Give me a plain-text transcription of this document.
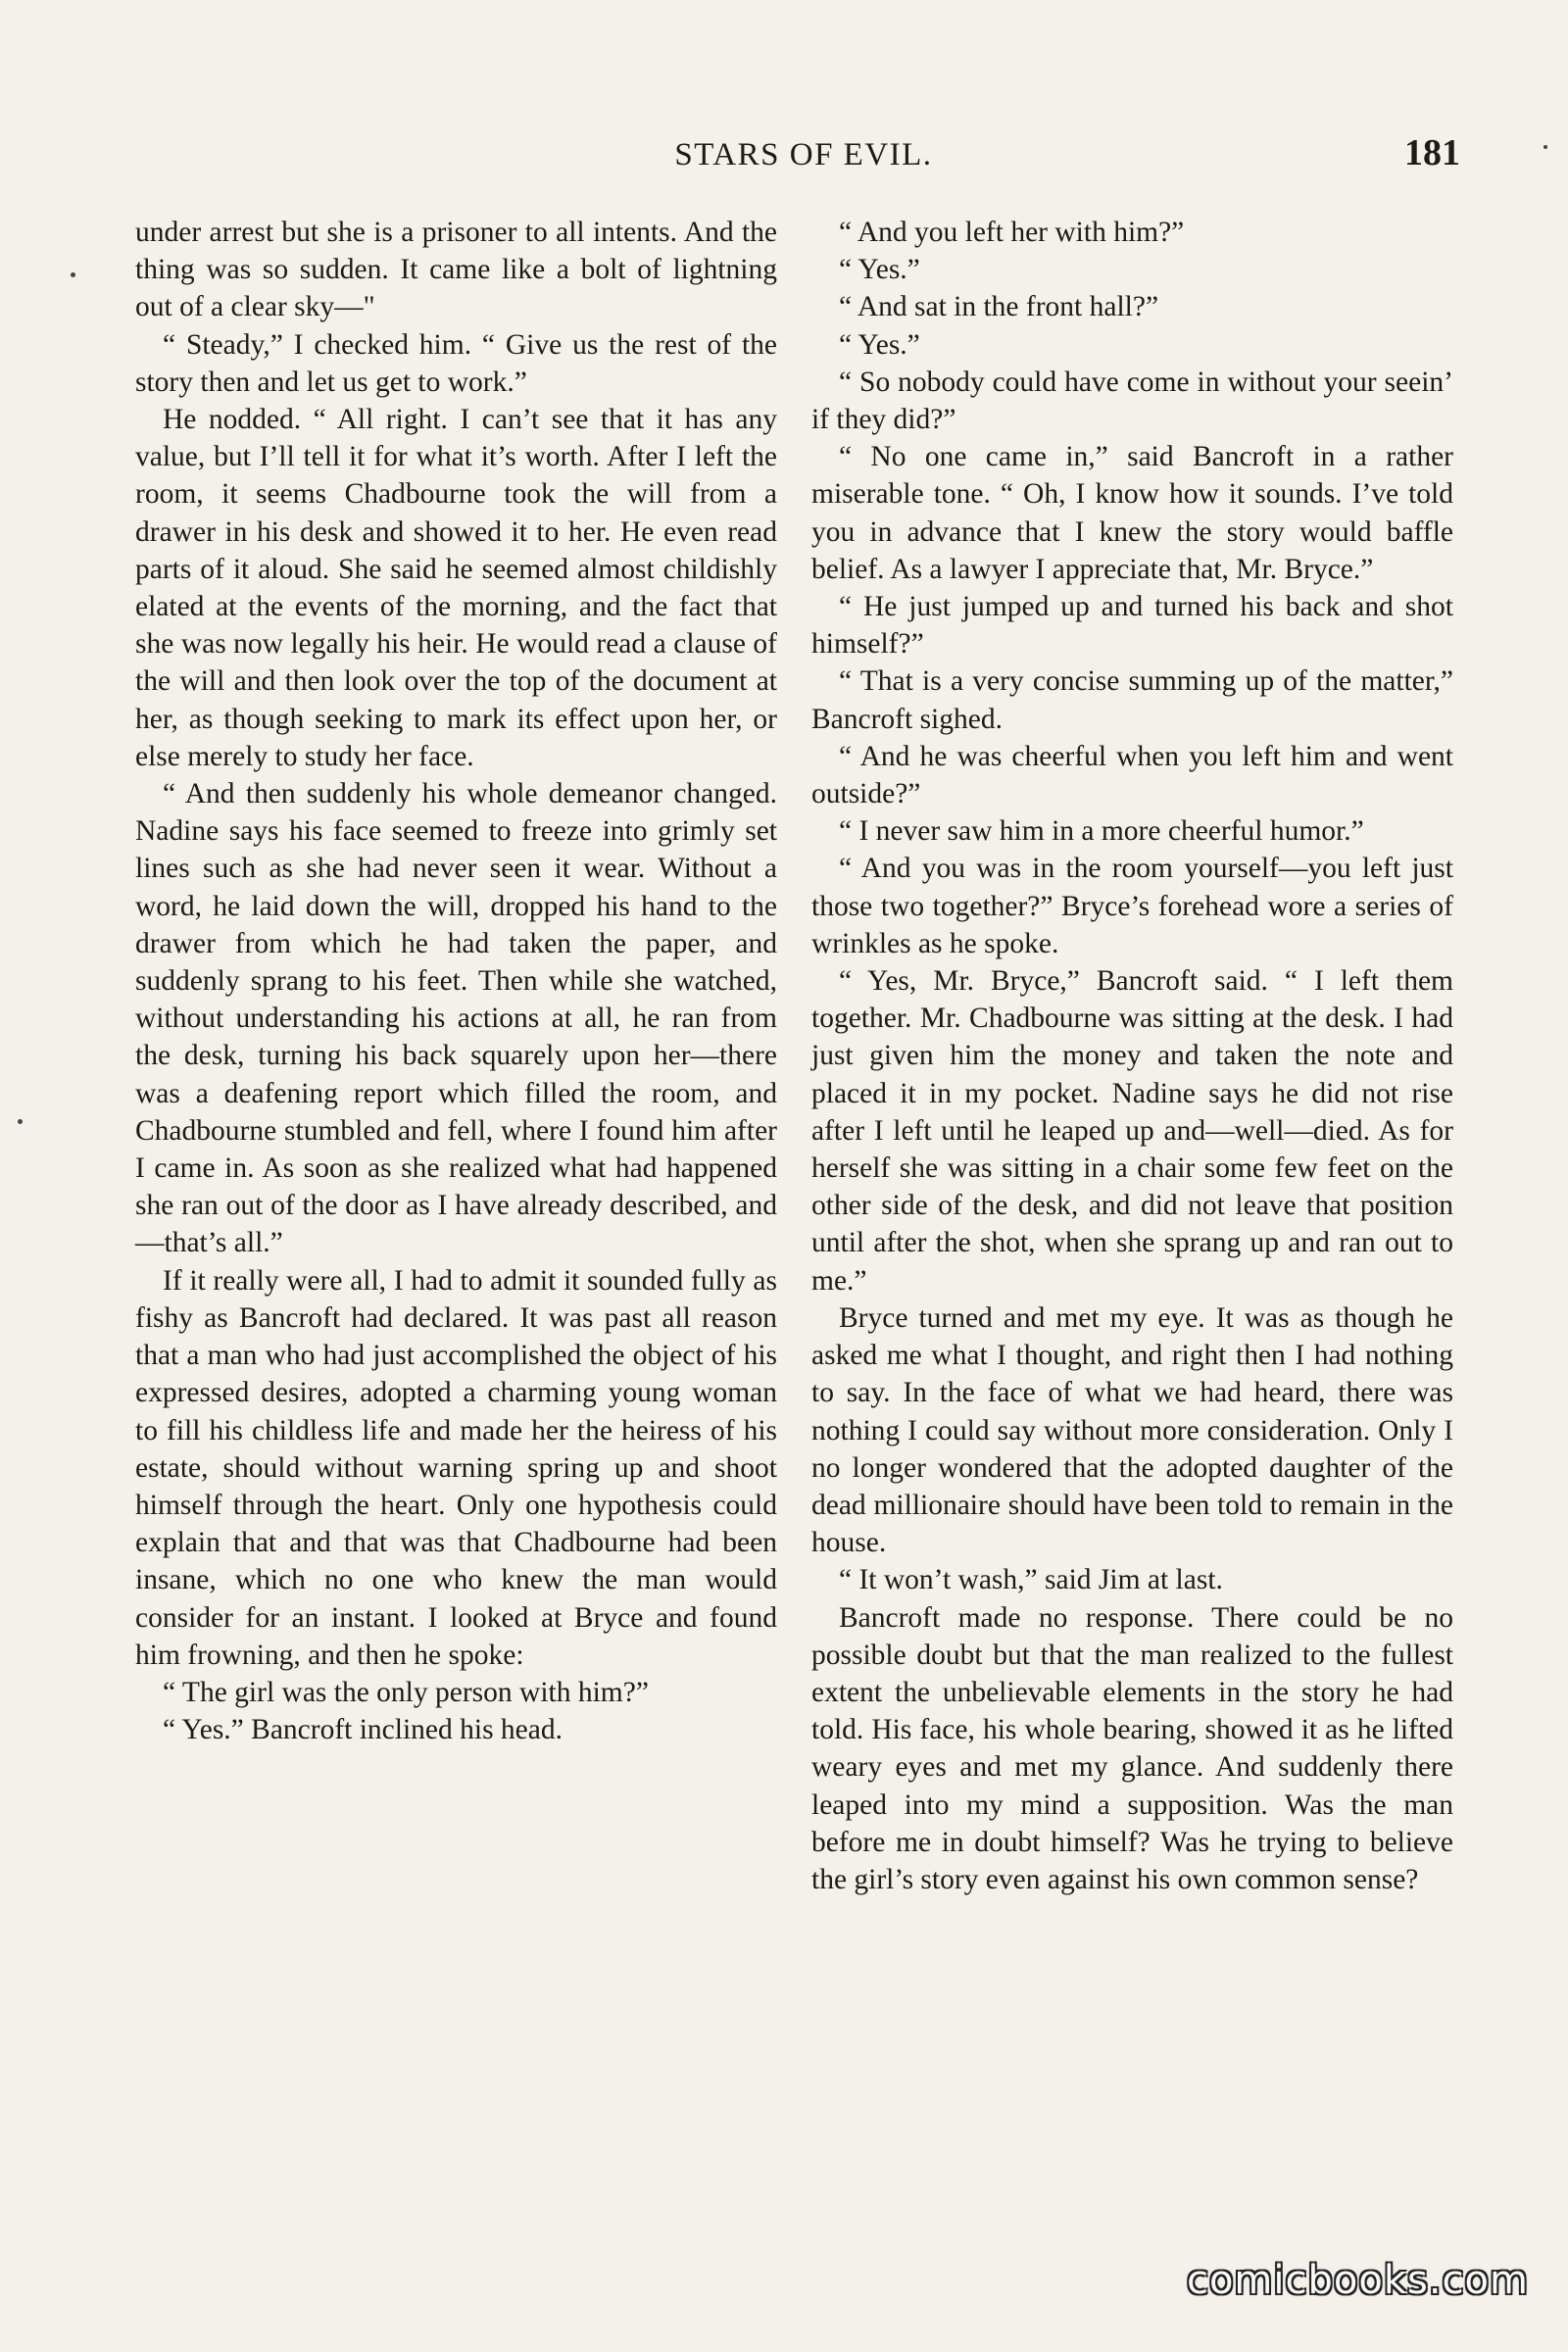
STARS OF EVIL.	181

under arrest but she is a prisoner to all intents. And the thing was so sudden. It came like a bolt of lightning out of a clear sky—"

“ Steady,” I checked him. “ Give us the rest of the story then and let us get to work.”

He nodded. “ All right. I can’t see that it has any value, but I’ll tell it for what it’s worth. After I left the room, it seems Chadbourne took the will from a drawer in his desk and showed it to her. He even read parts of it aloud. She said he seemed almost childishly elated at the events of the morning, and the fact that she was now legally his heir. He would read a clause of the will and then look over the top of the document at her, as though seeking to mark its effect upon her, or else merely to study her face.

“ And then suddenly his whole demeanor changed. Nadine says his face seemed to freeze into grimly set lines such as she had never seen it wear. Without a word, he laid down the will, dropped his hand to the drawer from which he had taken the paper, and suddenly sprang to his feet. Then while she watched, without understanding his actions at all, he ran from the desk, turning his back squarely upon her—there was a deafening report which filled the room, and Chadbourne stumbled and fell, where I found him after I came in. As soon as she realized what had happened she ran out of the door as I have already described, and—that’s all.”

If it really were all, I had to admit it sounded fully as fishy as Bancroft had declared. It was past all reason that a man who had just accomplished the object of his expressed desires, adopted a charming young woman to fill his childless life and made her the heiress of his estate, should without warning spring up and shoot himself through the heart. Only one hypothesis could explain that and that was that Chadbourne had been insane, which no one who knew the man would consider for an instant. I looked at Bryce and found him frowning, and then he spoke:

“ The girl was the only person with him?”

“ Yes.” Bancroft inclined his head.

“ And you left her with him?”

“ Yes.”

“ And sat in the front hall?”

“ Yes.”

“ So nobody could have come in without your seein’ if they did?”

“ No one came in,” said Bancroft in a rather miserable tone. “ Oh, I know how it sounds. I’ve told you in advance that I knew the story would baffle belief. As a lawyer I appreciate that, Mr. Bryce.”

“ He just jumped up and turned his back and shot himself?”

“ That is a very concise summing up of the matter,” Bancroft sighed.

“ And he was cheerful when you left him and went outside?”

“ I never saw him in a more cheerful humor.”

“ And you was in the room yourself—you left just those two together?” Bryce’s forehead wore a series of wrinkles as he spoke.

“ Yes, Mr. Bryce,” Bancroft said. “ I left them together. Mr. Chadbourne was sitting at the desk. I had just given him the money and taken the note and placed it in my pocket. Nadine says he did not rise after I left until he leaped up and—well—died. As for herself she was sitting in a chair some few feet on the other side of the desk, and did not leave that position until after the shot, when she sprang up and ran out to me.”

Bryce turned and met my eye. It was as though he asked me what I thought, and right then I had nothing to say. In the face of what we had heard, there was nothing I could say without more consideration. Only I no longer wondered that the adopted daughter of the dead millionaire should have been told to remain in the house.

“ It won’t wash,” said Jim at last.

Bancroft made no response. There could be no possible doubt but that the man realized to the fullest extent the unbelievable elements in the story he had told. His face, his whole bearing, showed it as he lifted weary eyes and met my glance. And suddenly there leaped into my mind a supposition. Was the man before me in doubt himself? Was he trying to believe the girl’s story even against his own common sense?

comicbooks.com
